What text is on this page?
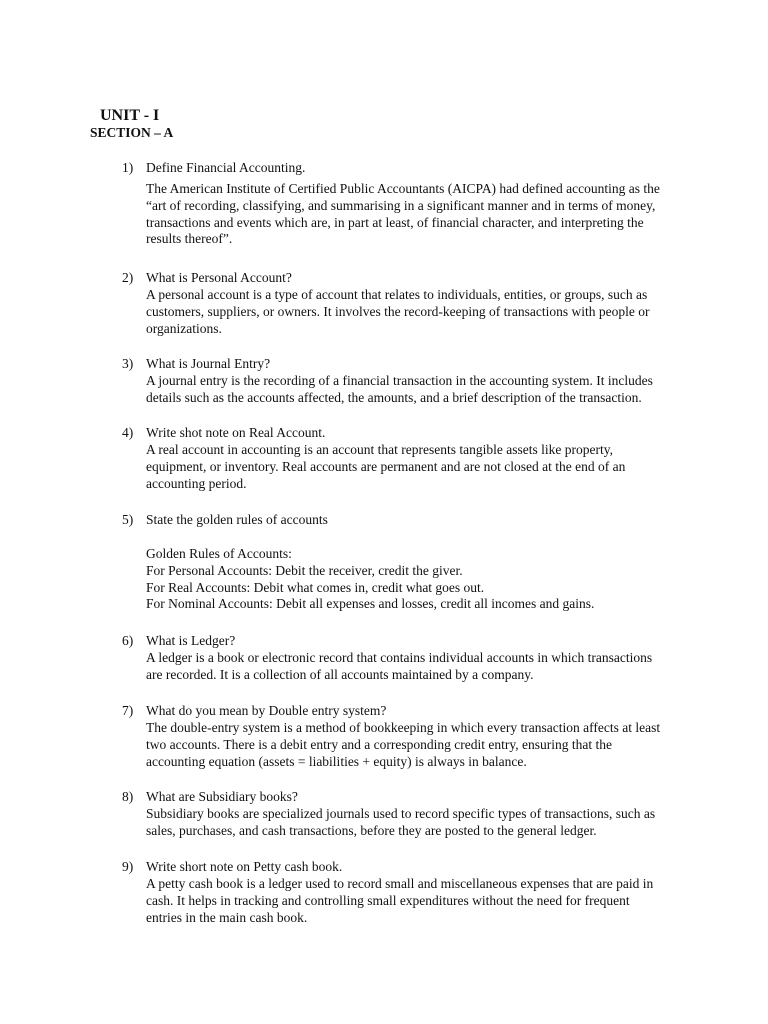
UNIT - I
SECTION – A
1) Define Financial Accounting.

The American Institute of Certified Public Accountants (AICPA) had defined accounting as the
“art of recording, classifying, and summarising in a significant manner and in terms of money,
transactions and events which are, in part at least, of financial character, and interpreting the
results thereof”.

2) What is Personal Account?

A personal account is a type of account that relates to individuals, entities, or groups, such as
customers, suppliers, or owners. It involves the record-keeping of transactions with people or
organizations.

3) What is Journal Entry?

A journal entry is the recording of a financial transaction in the accounting system. It includes
details such as the accounts affected, the amounts, and a brief description of the transaction.

4) Write shot note on Real Account.

A real account in accounting is an account that represents tangible assets like property,
equipment, or inventory. Real accounts are permanent and are not closed at the end of an
accounting period.

5) State the golden rules of accounts

Golden Rules of Accounts:
For Personal Accounts: Debit the receiver, credit the giver.
For Real Accounts: Debit what comes in, credit what goes out.
For Nominal Accounts: Debit all expenses and losses, credit all incomes and gains.

6) What is Ledger?

A ledger is a book or electronic record that contains individual accounts in which transactions
are recorded. It is a collection of all accounts maintained by a company.

7) What do you mean by Double entry system?

The double-entry system is a method of bookkeeping in which every transaction affects at least
two accounts. There is a debit entry and a corresponding credit entry, ensuring that the
accounting equation (assets = liabilities + equity) is always in balance.

8) What are Subsidiary books?

Subsidiary books are specialized journals used to record specific types of transactions, such as
sales, purchases, and cash transactions, before they are posted to the general ledger.

9) Write short note on Petty cash book.

A petty cash book is a ledger used to record small and miscellaneous expenses that are paid in
cash. It helps in tracking and controlling small expenditures without the need for frequent
entries in the main cash book.
